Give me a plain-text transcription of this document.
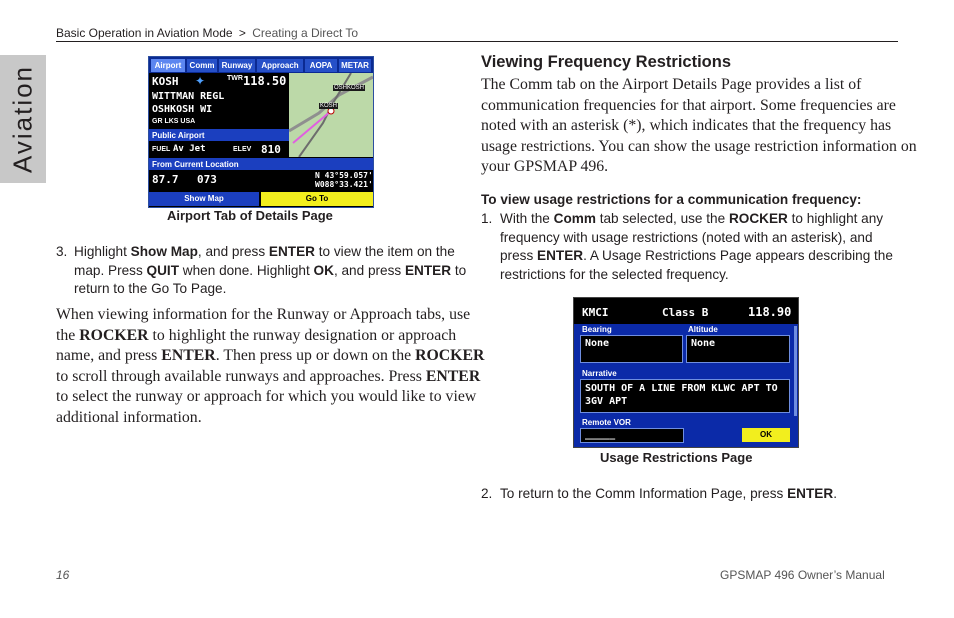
Basic Operation in Aviation Mode > Creating a Direct To
Aviation	Airport	Comm Runway	Approach	AOPA	METAR
KOSH ✦	TWR 118.50
WITTMAN REGL
OSHKOSH WI
GR LKS USA
Public Airport
FUEL Av Jet	ELEV 810
OSHKOSH
KOSH
From Current Location
87.7 073	N 43°59.057'
W088°33.421'
Show Map	Go To
Airport Tab of Details Page
3. Highlight Show Map, and press ENTER to view the item on the
map. Press QUIT when done. Highlight OK, and press ENTER to
return to the Go To Page.
When viewing information for the Runway or Approach tabs, use
the ROCKER to highlight the runway designation or approach
name, and press ENTER. Then press up or down on the ROCKER
to scroll through available runways and approaches. Press ENTER
to select the runway or approach for which you would like to view
additional information.
Viewing Frequency Restrictions
The Comm tab on the Airport Details Page provides a list of
communication frequencies for that airport. Some frequencies are
noted with an asterisk (*), which indicates that the frequency has
usage restrictions. You can show the usage restriction information on
your GPSMAP 496.
To view usage restrictions for a communication frequency:
1. With the Comm tab selected, use the ROCKER to highlight any
frequency with usage restrictions (noted with an asterisk), and
press ENTER. A Usage Restrictions Page appears describing the
restrictions for the selected frequency.
KMCI	Class B	118.90
Bearing
None
Altitude
None
Narrative
SOUTH OF A LINE FROM KLWC APT TO
3GV APT
Remote VOR
_____	OK
Usage Restrictions Page
2. To return to the Comm Information Page, press ENTER.
16	GPSMAP 496 Owner’s Manual
